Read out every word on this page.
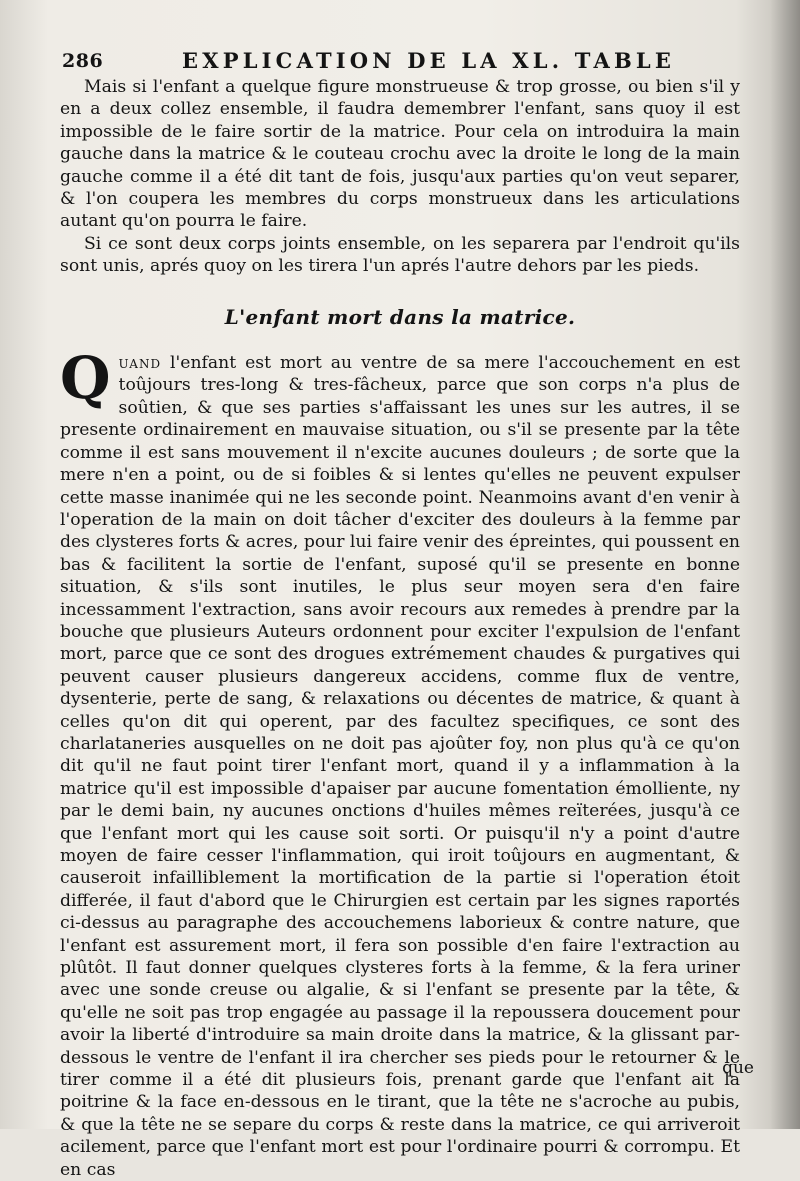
286	EXPLICATION DE LA XL. TABLE

Mais si l'enfant a quelque figure monstrueuse & trop grosse, ou bien s'il y en a deux collez ensemble, il faudra demembrer l'enfant, sans quoy il est impossible de le faire sortir de la matrice. Pour cela on introduira la main gauche dans la matrice & le couteau crochu avec la droite le long de la main gauche comme il a été dit tant de fois, jusqu'aux parties qu'on veut separer, & l'on coupera les membres du corps monstrueux dans les articulations autant qu'on pourra le faire.

Si ce sont deux corps joints ensemble, on les separera par l'endroit qu'ils sont unis, aprés quoy on les tirera l'un aprés l'autre dehors par les pieds.

L'enfant mort dans la matrice.

Quand l'enfant est mort au ventre de sa mere l'accouchement en est toûjours tres-long & tres-fâcheux, parce que son corps n'a plus de soûtien, & que ses parties s'affaissant les unes sur les autres, il se presente ordinairement en mauvaise situation, ou s'il se presente par la tête comme il est sans mouvement il n'excite aucunes douleurs ; de sorte que la mere n'en a point, ou de si foibles & si lentes qu'elles ne peuvent expulser cette masse inanimée qui ne les seconde point. Neanmoins avant d'en venir à l'operation de la main on doit tâcher d'exciter des douleurs à la femme par des clysteres forts & acres, pour lui faire venir des épreintes, qui poussent en bas & facilitent la sortie de l'enfant, suposé qu'il se presente en bonne situation, & s'ils sont inutiles, le plus seur moyen sera d'en faire incessamment l'extraction, sans avoir recours aux remedes à prendre par la bouche que plusieurs Auteurs ordonnent pour exciter l'expulsion de l'enfant mort, parce que ce sont des drogues extrémement chaudes & purgatives qui peuvent causer plusieurs dangereux accidens, comme flux de ventre, dysenterie, perte de sang, & relaxations ou décentes de matrice, & quant à celles qu'on dit qui operent, par des facultez specifiques, ce sont des charlataneries ausquelles on ne doit pas ajoûter foy, non plus qu'à ce qu'on dit qu'il ne faut point tirer l'enfant mort, quand il y a inflammation à la matrice qu'il est impossible d'apaiser par aucune fomentation émolliente, ny par le demi bain, ny aucunes onctions d'huiles mêmes reïterées, jusqu'à ce que l'enfant mort qui les cause soit sorti. Or puisqu'il n'y a point d'autre moyen de faire cesser l'inflammation, qui iroit toûjours en augmentant, & causeroit infailliblement la mortification de la partie si l'operation étoit differée, il faut d'abord que le Chirurgien est certain par les signes raportés ci-dessus au paragraphe des accouchemens laborieux & contre nature, que l'enfant est assurement mort, il fera son possible d'en faire l'extraction au plûtôt. Il faut donner quelques clysteres forts à la femme, & la fera uriner avec une sonde creuse ou algalie, & si l'enfant se presente par la tête, & qu'elle ne soit pas trop engagée au passage il la repoussera doucement pour avoir la liberté d'introduire sa main droite dans la matrice, & la glissant par-dessous le ventre de l'enfant il ira chercher ses pieds pour le retourner & le tirer comme il a été dit plusieurs fois, prenant garde que l'enfant ait la poitrine & la face en-dessous en le tirant, que la tête ne s'acroche au pubis, & que la tête ne se separe du corps & reste dans la matrice, ce qui arriveroit acilement, parce que l'enfant mort est pour l'ordinaire pourri & corrompu. Et en cas

que
